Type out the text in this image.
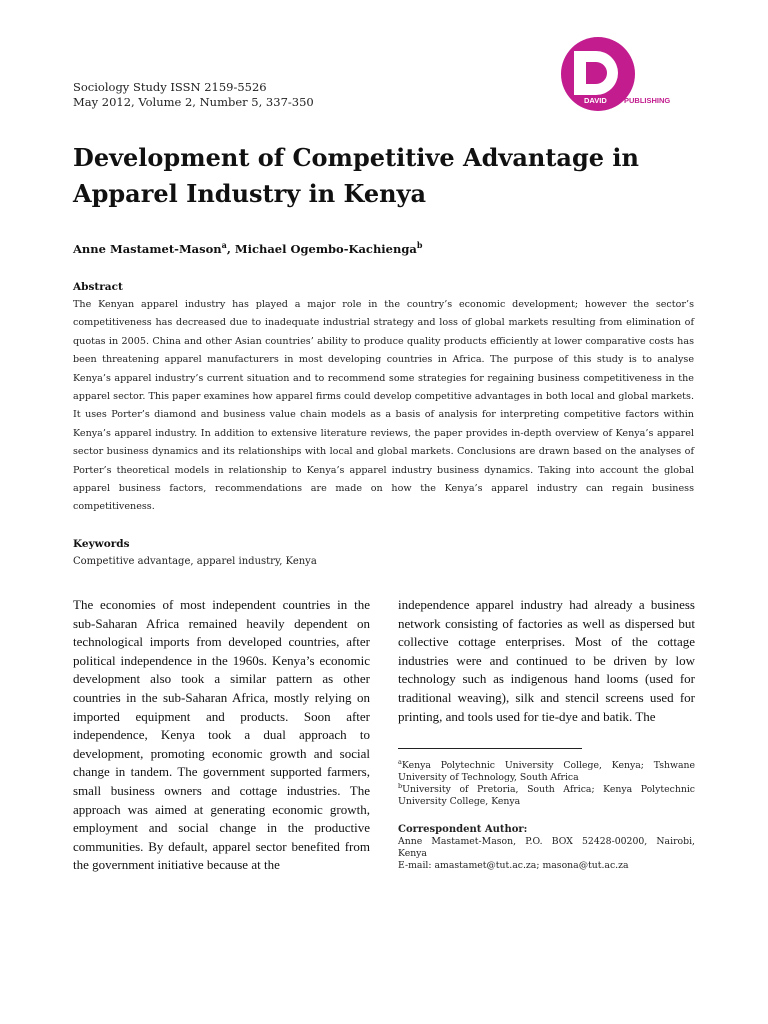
Sociology Study ISSN 2159-5526
May 2012, Volume 2, Number 5, 337-350	DAVID PUBLISHING
Development of Competitive Advantage in Apparel Industry in Kenya
Anne Mastamet-Mason$^a$, Michael Ogembo-Kachienga$^b$
Abstract

The Kenyan apparel industry has played a major role in the country’s economic development; however the sector’s competitiveness has decreased due to inadequate industrial strategy and loss of global markets resulting from elimination of quotas in 2005. China and other Asian countries’ ability to produce quality products efficiently at lower comparative costs has been threatening apparel manufacturers in most developing countries in Africa. The purpose of this study is to analyse Kenya’s apparel industry’s current situation and to recommend some strategies for regaining business competitiveness in the apparel sector. This paper examines how apparel firms could develop competitive advantages in both local and global markets. It uses Porter’s diamond and business value chain models as a basis of analysis for interpreting competitive factors within Kenya’s apparel industry. In addition to extensive literature reviews, the paper provides in-depth overview of Kenya’s apparel sector business dynamics and its relationships with local and global markets. Conclusions are drawn based on the analyses of Porter’s theoretical models in relationship to Kenya’s apparel industry business dynamics. Taking into account the global apparel business factors, recommendations are made on how the Kenya’s apparel industry can regain business competitiveness.

Keywords
Competitive advantage, apparel industry, Kenya

The economies of most independent countries in the sub-Saharan Africa remained heavily dependent on technological imports from developed countries, after political independence in the 1960s. Kenya’s economic development also took a similar pattern as other countries in the sub-Saharan Africa, mostly relying on imported equipment and products. Soon after independence, Kenya took a dual approach to development, promoting economic growth and social change in tandem. The government supported farmers, small business owners and cottage industries. The approach was aimed at generating economic growth, employment and social change in the productive communities. By default, apparel sector benefited from the government initiative because at the

independence apparel industry had already a business network consisting of factories as well as dispersed but collective cottage enterprises. Most of the cottage industries were and continued to be driven by low technology such as indigenous hand looms (used for traditional weaving), silk and stencil screens used for printing, and tools used for tie-dye and batik. The

$^a$Kenya Polytechnic University College, Kenya; Tshwane University of Technology, South Africa

$^b$University of Pretoria, South Africa; Kenya Polytechnic University College, Kenya

Correspondent Author:

Anne Mastamet-Mason, P.O. BOX 52428-00200, Nairobi, Kenya

E-mail: amastamet@tut.ac.za; masona@tut.ac.za
